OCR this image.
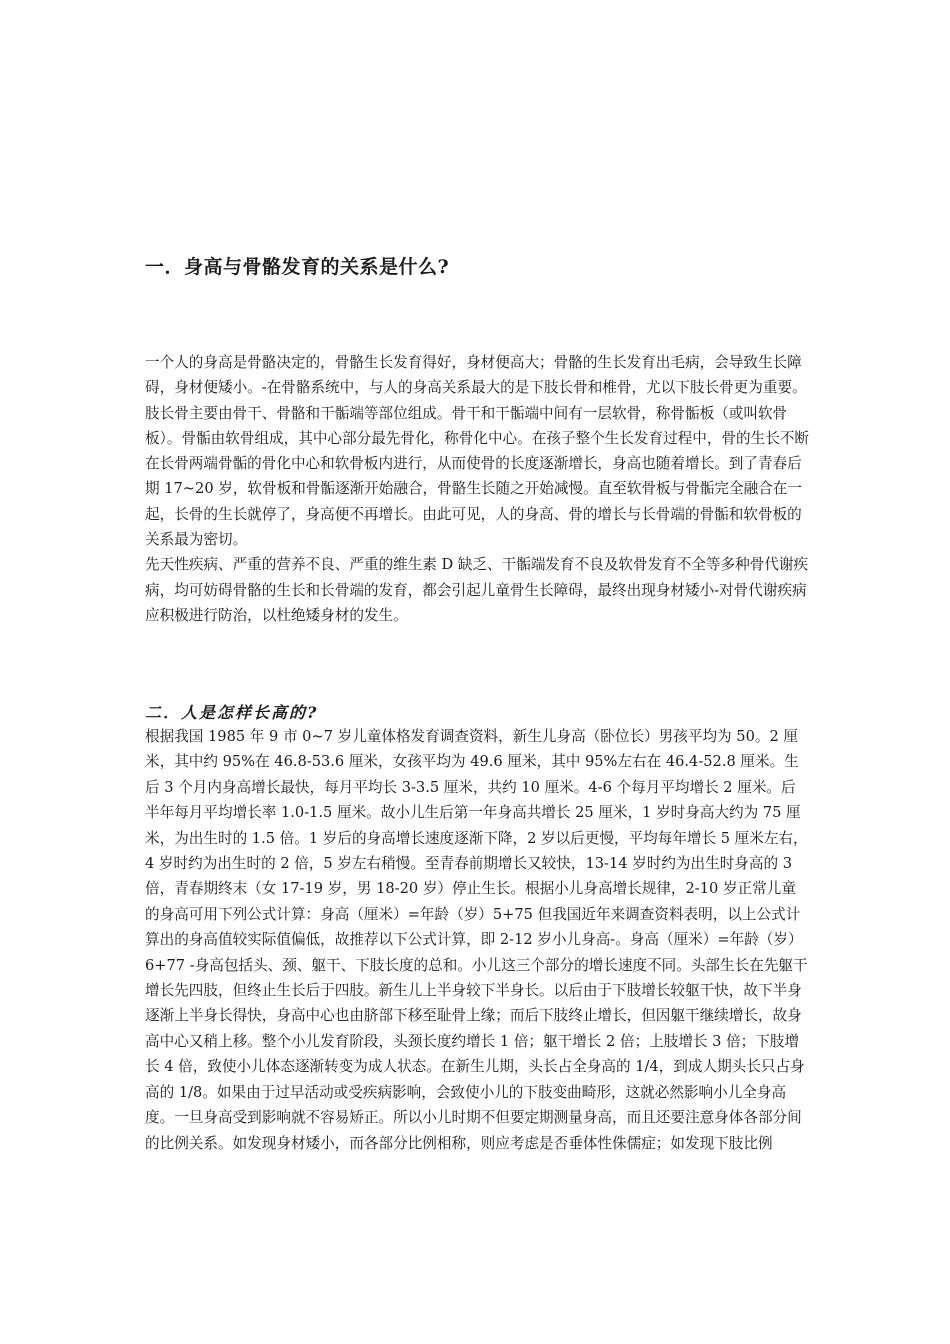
一．身高与骨骼发育的关系是什么?

一个人的身高是骨骼决定的，骨骼生长发育得好，身材便高大；骨骼的生长发育出毛病，会导致生长障碍，身材便矮小。-在骨骼系统中，与人的身高关系最大的是下肢长骨和椎骨，尤以下肢长骨更为重要。肢长骨主要由骨干、骨骼和干骺端等部位组成。骨干和干骺端中间有一层软骨，称骨骺板（或叫软骨板）。骨骺由软骨组成，其中心部分最先骨化，称骨化中心。在孩子整个生长发育过程中，骨的生长不断在长骨两端骨骺的骨化中心和软骨板内进行，从而使骨的长度逐渐增长，身高也随着增长。到了青春后期 17~20 岁，软骨板和骨骺逐渐开始融合，骨骼生长随之开始减慢。直至软骨板与骨骺完全融合在一起，长骨的生长就停了，身高便不再增长。由此可见，人的身高、骨的增长与长骨端的骨骺和软骨板的关系最为密切。

先天性疾病、严重的营养不良、严重的维生素 D 缺乏、干骺端发育不良及软骨发育不全等多种骨代谢疾病，均可妨碍骨骼的生长和长骨端的发育，都会引起儿童骨生长障碍，最终出现身材矮小-对骨代谢疾病应积极进行防治，以杜绝矮身材的发生。

二．人是怎样长高的?

根据我国 1985 年 9 市 0~7 岁儿童体格发育调查资料，新生儿身高（卧位长）男孩平均为 50。2 厘米，其中约 95%在 46.8-53.6 厘米，女孩平均为 49.6 厘米，其中 95%左右在 46.4-52.8 厘米。生后 3 个月内身高增长最快，每月平均长 3-3.5 厘米，共约 10 厘米。4-6 个每月平均增长 2 厘米。后半年每月平均增长率 1.0-1.5 厘米。故小儿生后第一年身高共增长 25 厘米，1 岁时身高大约为 75 厘米，为出生时的 1.5 倍。1 岁后的身高增长速度逐渐下降，2 岁以后更慢，平均每年增长 5 厘米左右，4 岁时约为出生时的 2 倍，5 岁左右稍慢。至青春前期增长又较快，13-14 岁时约为出生时身高的 3 倍，青春期终末（女 17-19 岁，男 18-20 岁）停止生长。根据小儿身高增长规律，2-10 岁正常儿童的身高可用下列公式计算：身高（厘米）=年龄（岁）5+75 但我国近年来调查资料表明，以上公式计算出的身高值较实际值偏低，故推荐以下公式计算，即 2-12 岁小儿身高-。身高（厘米）=年龄（岁）6+77 -身高包括头、颈、躯干、下肢长度的总和。小儿这三个部分的增长速度不同。头部生长在先躯干增长先四肢，但终止生长后于四肢。新生儿上半身较下半身长。以后由于下肢增长较躯干快，故下半身逐渐上半身长得快，身高中心也由脐部下移至耻骨上缘；而后下肢终止增长，但因躯干继续增长，故身高中心又稍上移。整个小儿发育阶段，头颈长度约增长 1 倍；躯干增长 2 倍；上肢增长 3 倍；下肢增长 4 倍，致使小儿体态逐渐转变为成人状态。在新生儿期，头长占全身高的 1/4，到成人期头长只占身高的 1/8。如果由于过早活动或受疾病影响，会致使小儿的下肢变曲畸形，这就必然影响小儿全身高度。一旦身高受到影响就不容易矫正。所以小儿时期不但要定期测量身高，而且还要注意身体各部分间的比例关系。如发现身材矮小，而各部分比例相称，则应考虑是否垂体性侏儒症；如发现下肢比例
